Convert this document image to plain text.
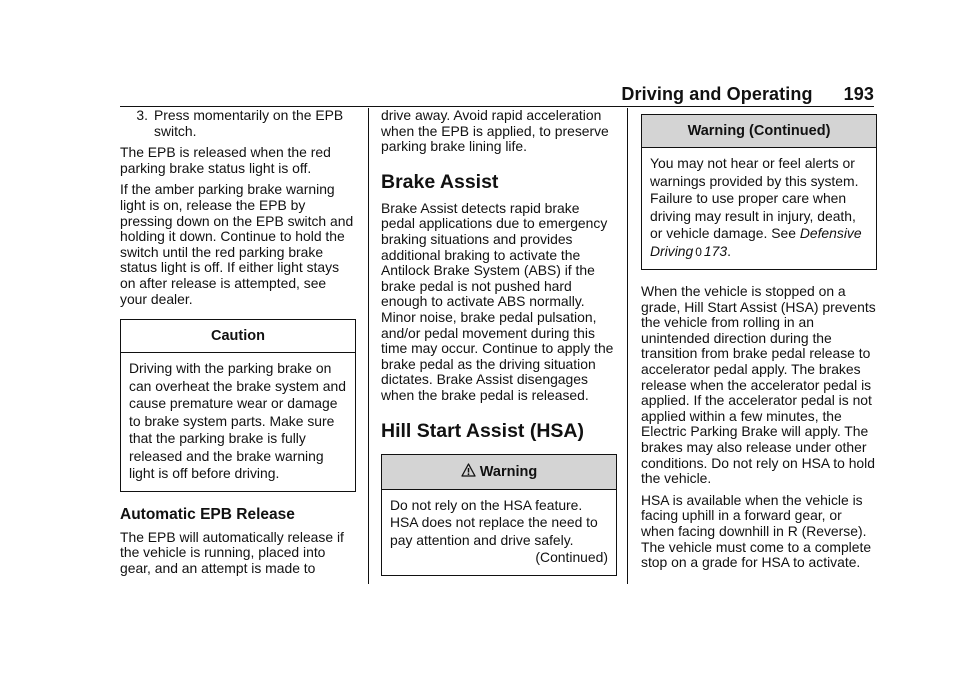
Driving and Operating 193
3. Press momentarily on the EPB switch.

The EPB is released when the red parking brake status light is off.

If the amber parking brake warning light is on, release the EPB by pressing down on the EPB switch and holding it down. Continue to hold the switch until the red parking brake status light is off. If either light stays on after release is attempted, see your dealer.

Caution
Driving with the parking brake on can overheat the brake system and cause premature wear or damage to brake system parts. Make sure that the parking brake is fully released and the brake warning light is off before driving.
Automatic EPB Release

The EPB will automatically release if the vehicle is running, placed into gear, and an attempt is made to

drive away. Avoid rapid acceleration when the EPB is applied, to preserve parking brake lining life.

Brake Assist

Brake Assist detects rapid brake pedal applications due to emergency braking situations and provides additional braking to activate the Antilock Brake System (ABS) if the brake pedal is not pushed hard enough to activate ABS normally. Minor noise, brake pedal pulsation, and/or pedal movement during this time may occur. Continue to apply the brake pedal as the driving situation dictates. Brake Assist disengages when the brake pedal is released.

Hill Start Assist (HSA)
Warning
Do not rely on the HSA feature. HSA does not replace the need to pay attention and drive safely.
(Continued)
Warning (Continued)
You may not hear or feel alerts or warnings provided by this system. Failure to use proper care when driving may result in injury, death, or vehicle damage. See Defensive Driving 0 173.

When the vehicle is stopped on a grade, Hill Start Assist (HSA) prevents the vehicle from rolling in an unintended direction during the transition from brake pedal release to accelerator pedal apply. The brakes release when the accelerator pedal is applied. If the accelerator pedal is not applied within a few minutes, the Electric Parking Brake will apply. The brakes may also release under other conditions. Do not rely on HSA to hold the vehicle.

HSA is available when the vehicle is facing uphill in a forward gear, or when facing downhill in R (Reverse). The vehicle must come to a complete stop on a grade for HSA to activate.
